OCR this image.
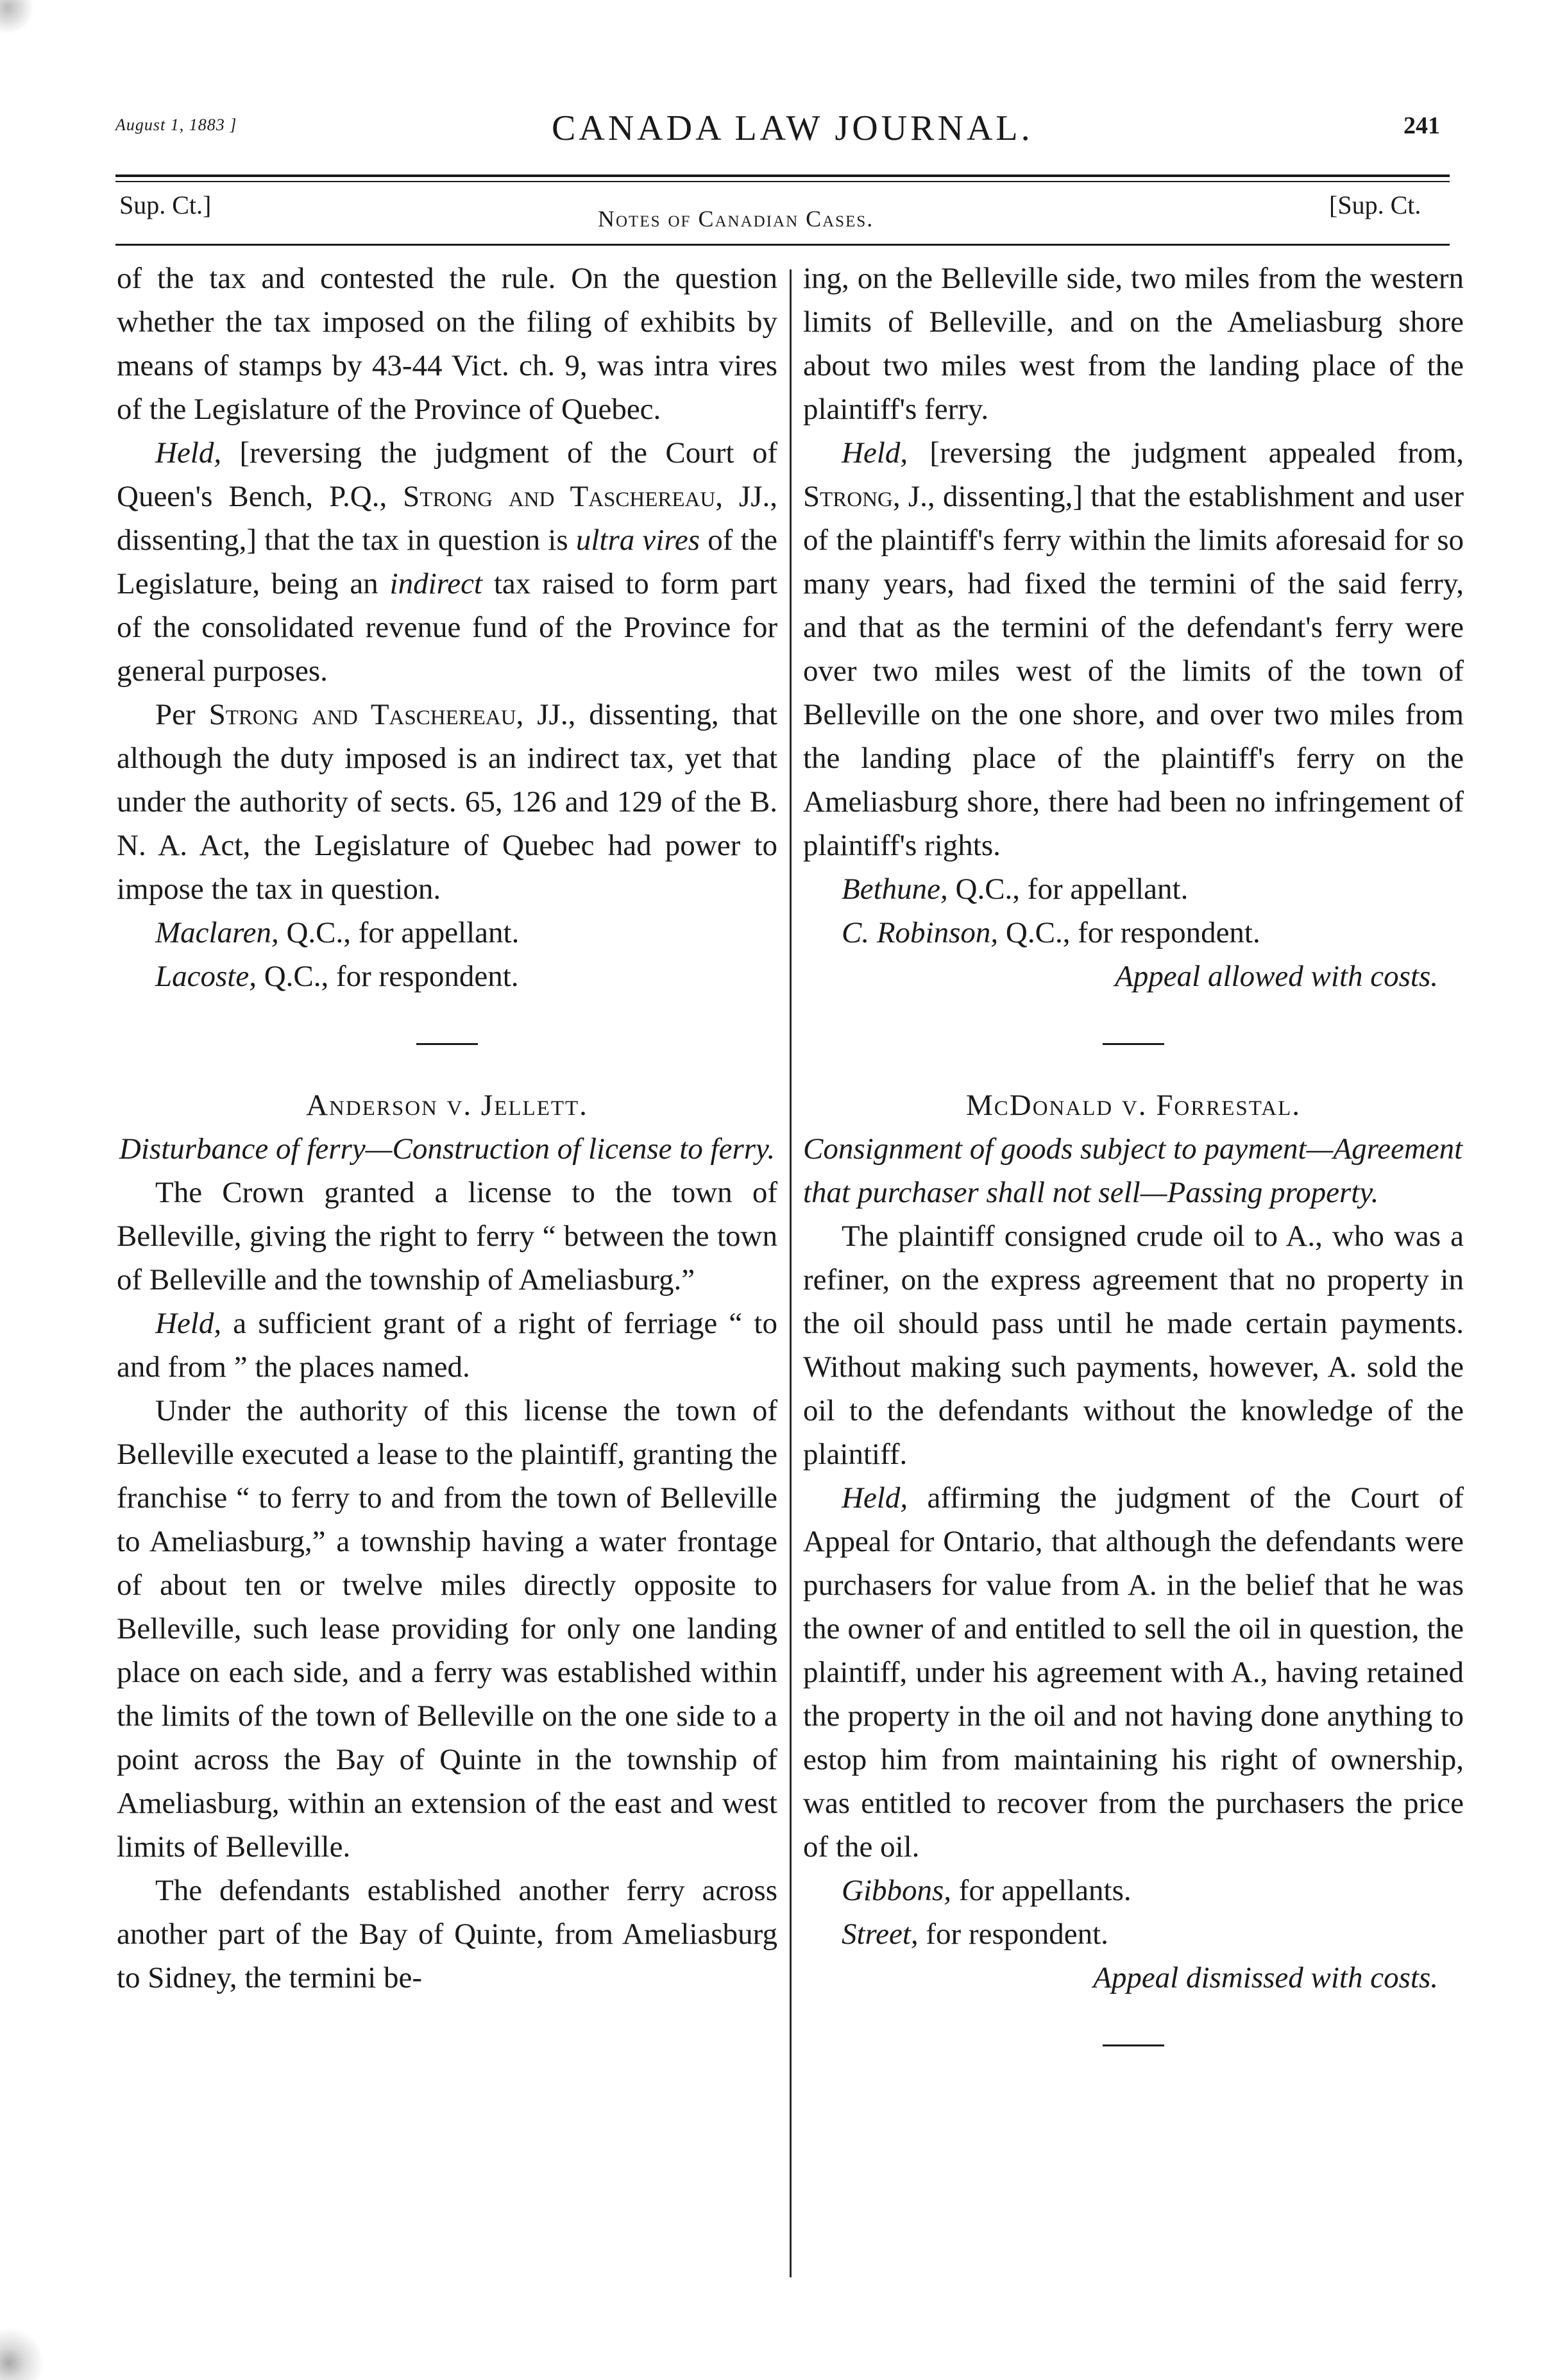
August 1, 1883 ]	CANADA LAW JOURNAL.	241
Sup. Ct.]	Notes of Canadian Cases.	[Sup. Ct.

of the tax and contested the rule. On the question whether the tax imposed on the filing of exhibits by means of stamps by 43-44 Vict. ch. 9, was intra vires of the Legislature of the Province of Quebec.

Held, [reversing the judgment of the Court of Queen's Bench, P.Q., Strong and Taschereau, JJ., dissenting,] that the tax in question is ultra vires of the Legislature, being an indirect tax raised to form part of the consolidated revenue fund of the Province for general purposes.

Per Strong and Taschereau, JJ., dissenting, that although the duty imposed is an indirect tax, yet that under the authority of sects. 65, 126 and 129 of the B. N. A. Act, the Legislature of Quebec had power to impose the tax in question.

Maclaren, Q.C., for appellant.

Lacoste, Q.C., for respondent.

Anderson v. Jellett.

Disturbance of ferry—Construction of license to ferry.

The Crown granted a license to the town of Belleville, giving the right to ferry “ between the town of Belleville and the township of Ameliasburg.”

Held, a sufficient grant of a right of ferriage “ to and from ” the places named.

Under the authority of this license the town of Belleville executed a lease to the plaintiff, granting the franchise “ to ferry to and from the town of Belleville to Ameliasburg,” a township having a water frontage of about ten or twelve miles directly opposite to Belleville, such lease providing for only one landing place on each side, and a ferry was established within the limits of the town of Belleville on the one side to a point across the Bay of Quinte in the township of Ameliasburg, within an extension of the east and west limits of Belleville.

The defendants established another ferry across another part of the Bay of Quinte, from Ameliasburg to Sidney, the termini be-

ing, on the Belleville side, two miles from the western limits of Belleville, and on the Ameliasburg shore about two miles west from the landing place of the plaintiff's ferry.

Held, [reversing the judgment appealed from, Strong, J., dissenting,] that the establishment and user of the plaintiff's ferry within the limits aforesaid for so many years, had fixed the termini of the said ferry, and that as the termini of the defendant's ferry were over two miles west of the limits of the town of Belleville on the one shore, and over two miles from the landing place of the plaintiff's ferry on the Ameliasburg shore, there had been no infringement of plaintiff's rights.

Bethune, Q.C., for appellant.

C. Robinson, Q.C., for respondent.

Appeal allowed with costs.

McDonald v. Forrestal.

Consignment of goods subject to payment—Agreement that purchaser shall not sell—Passing property.

The plaintiff consigned crude oil to A., who was a refiner, on the express agreement that no property in the oil should pass until he made certain payments. Without making such payments, however, A. sold the oil to the defendants without the knowledge of the plaintiff.

Held, affirming the judgment of the Court of Appeal for Ontario, that although the defendants were purchasers for value from A. in the belief that he was the owner of and entitled to sell the oil in question, the plaintiff, under his agreement with A., having retained the property in the oil and not having done anything to estop him from maintaining his right of ownership, was entitled to recover from the purchasers the price of the oil.

Gibbons, for appellants.

Street, for respondent.

Appeal dismissed with costs.
